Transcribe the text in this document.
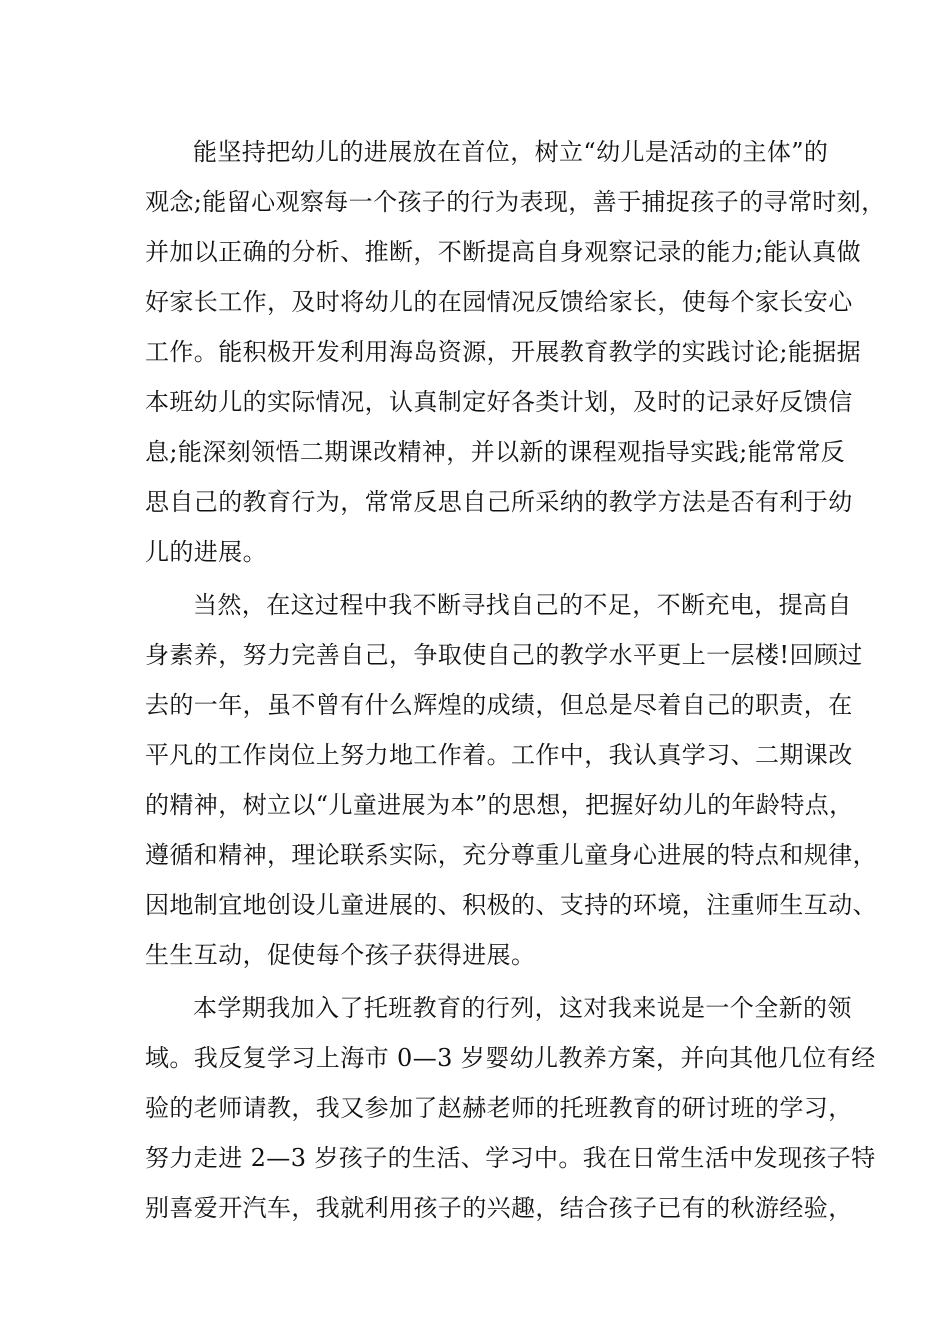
能坚持把幼儿的进展放在首位，树立“幼儿是活动的主体”的
观念;能留心观察每一个孩子的行为表现，善于捕捉孩子的寻常时刻，
并加以正确的分析、推断，不断提高自身观察记录的能力;能认真做
好家长工作，及时将幼儿的在园情况反馈给家长，使每个家长安心
工作。能积极开发利用海岛资源，开展教育教学的实践讨论;能据据
本班幼儿的实际情况，认真制定好各类计划，及时的记录好反馈信
息;能深刻领悟二期课改精神，并以新的课程观指导实践;能常常反
思自己的教育行为，常常反思自己所采纳的教学方法是否有利于幼
儿的进展。
当然，在这过程中我不断寻找自己的不足，不断充电，提高自
身素养，努力完善自己，争取使自己的教学水平更上一层楼!回顾过
去的一年，虽不曾有什么辉煌的成绩，但总是尽着自己的职责，在
平凡的工作岗位上努力地工作着。工作中，我认真学习、二期课改
的精神，树立以“儿童进展为本”的思想，把握好幼儿的年龄特点，
遵循和精神，理论联系实际，充分尊重儿童身心进展的特点和规律，
因地制宜地创设儿童进展的、积极的、支持的环境，注重师生互动、
生生互动，促使每个孩子获得进展。
本学期我加入了托班教育的行列，这对我来说是一个全新的领
域。我反复学习上海市 0—3 岁婴幼儿教养方案，并向其他几位有经
验的老师请教，我又参加了赵赫老师的托班教育的研讨班的学习，
努力走进 2—3 岁孩子的生活、学习中。我在日常生活中发现孩子特
别喜爱开汽车，我就利用孩子的兴趣，结合孩子已有的秋游经验，
